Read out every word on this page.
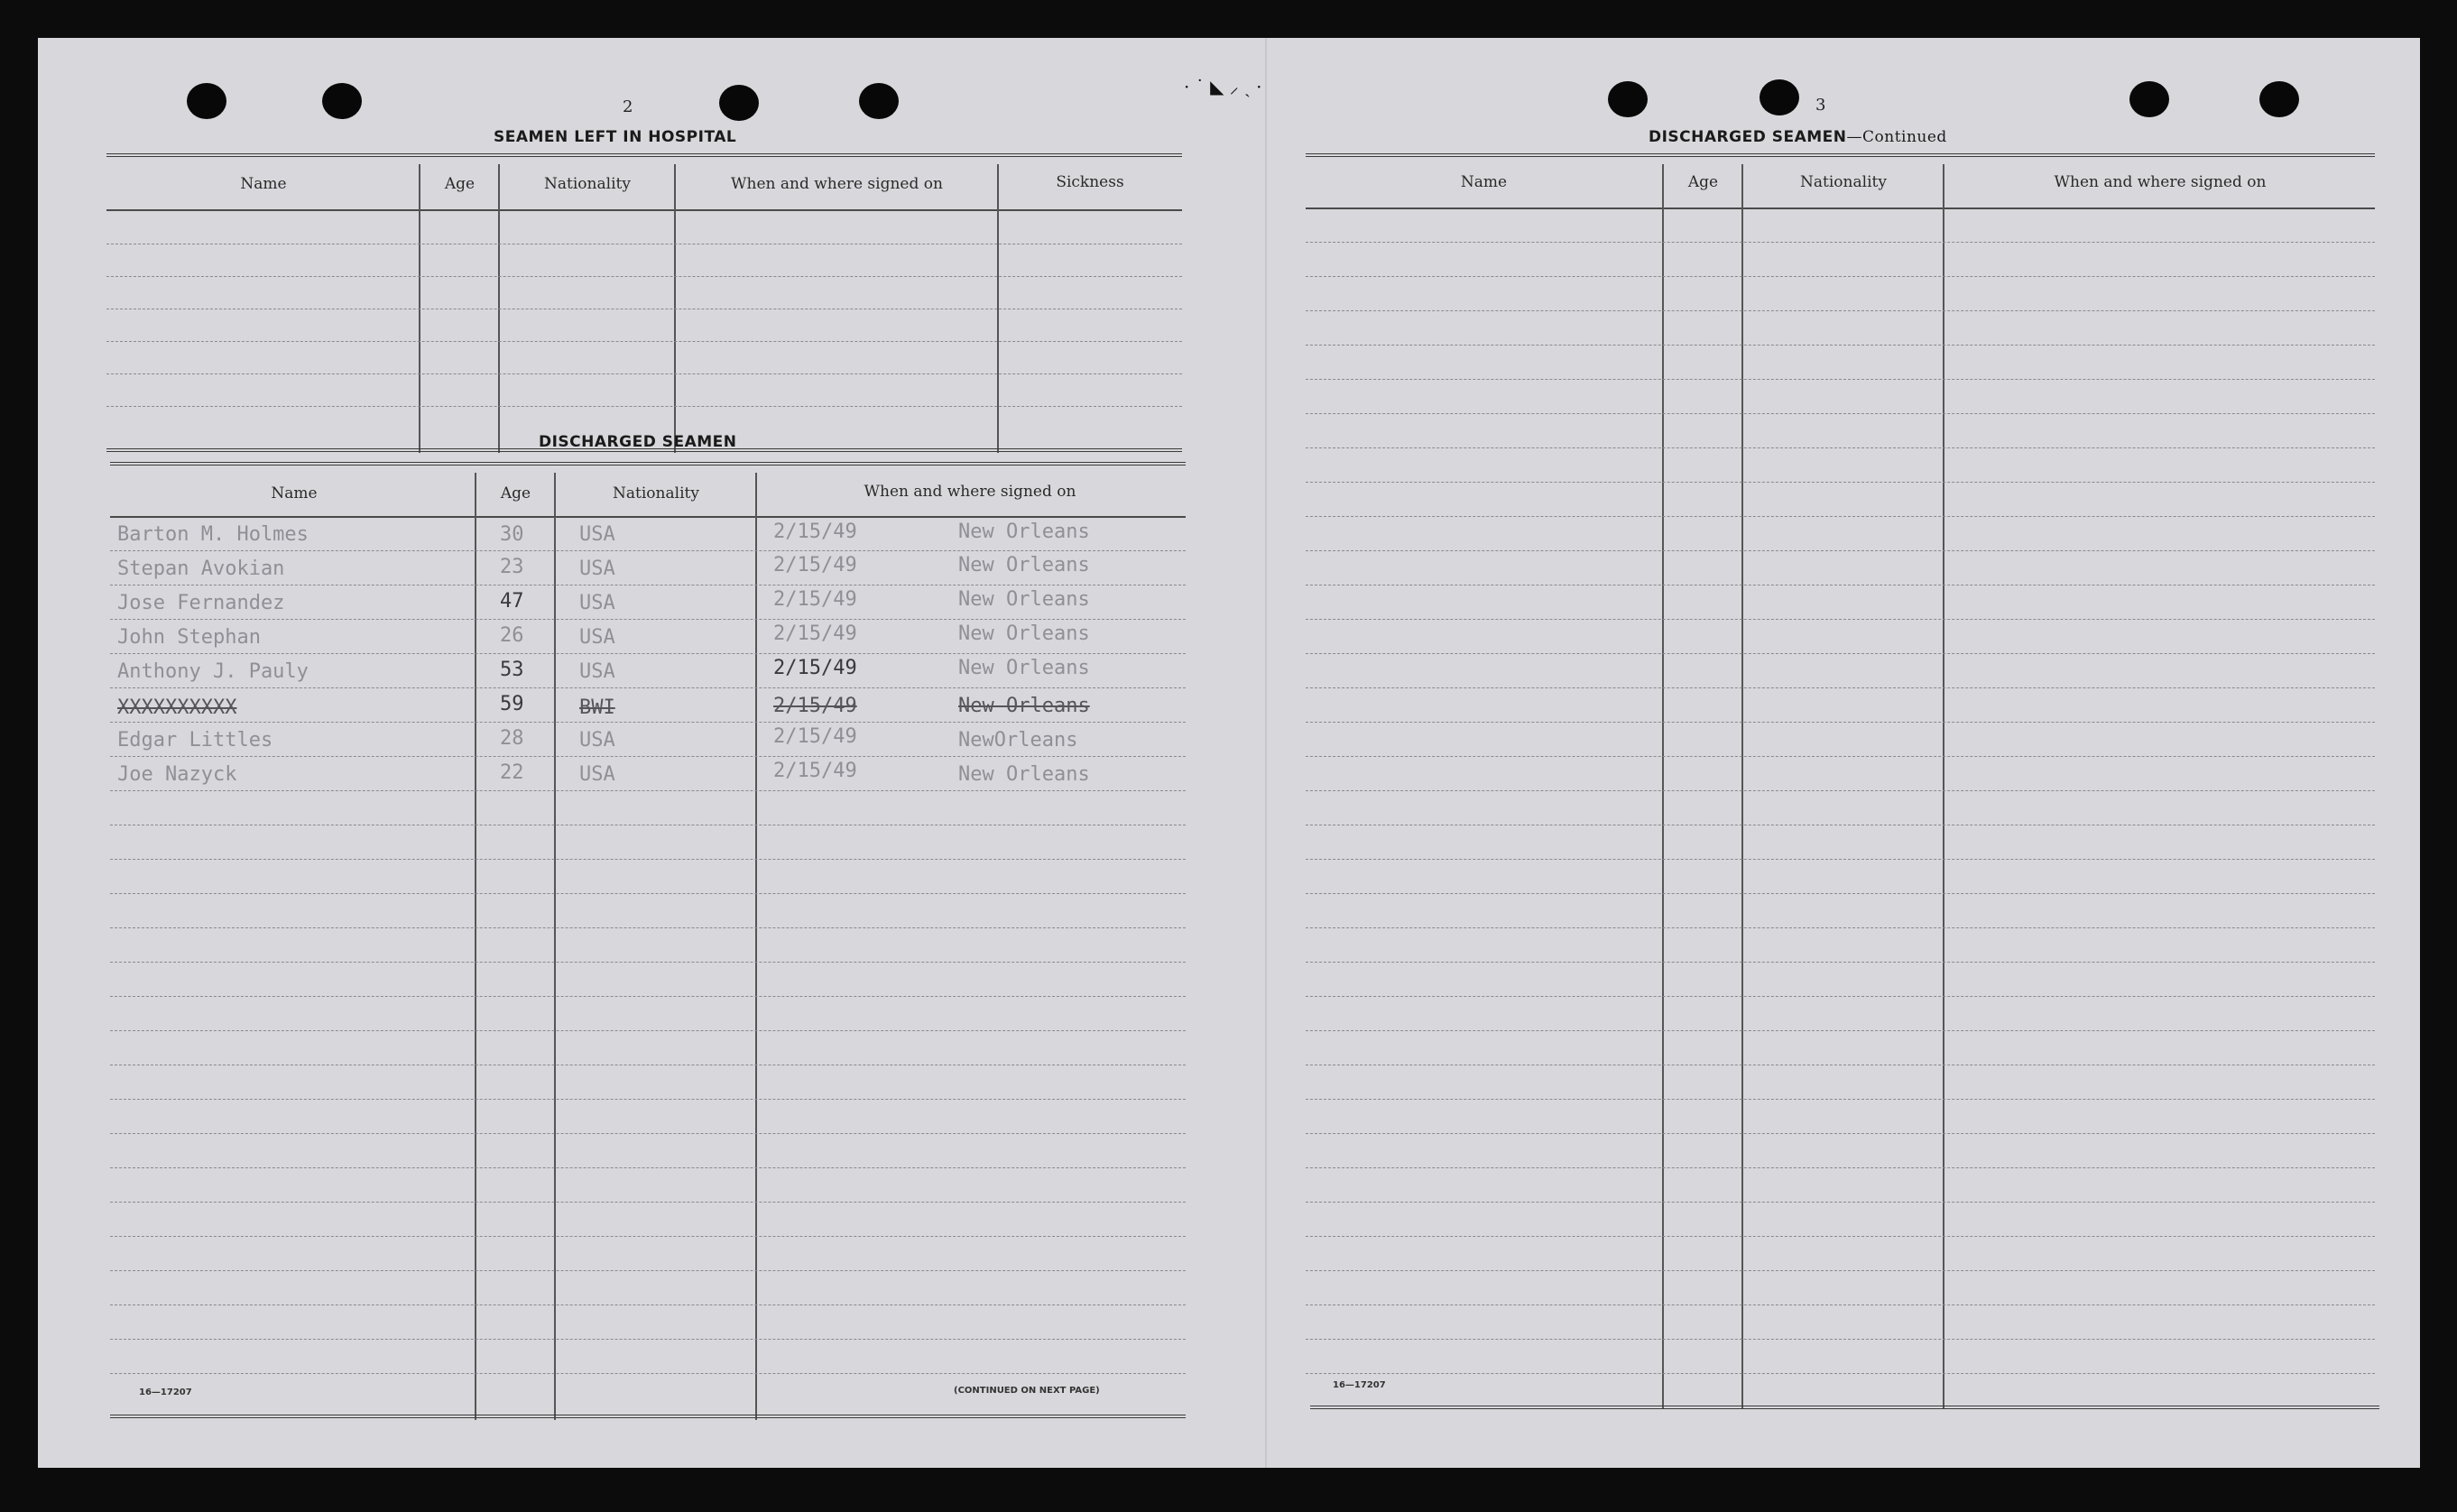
· ˙ ◣ ⸝ ˏ ·
2
SEAMEN LEFT IN HOSPITAL
Name	Age	Nationality	When and where signed on	Sickness
DISCHARGED SEAMEN
Name	Age	Nationality	When and where signed on
Barton M. Holmes	30	USA	2/15/49	New Orleans
Stepan Avokian	23	USA	2/15/49	New Orleans
Jose Fernandez	47	USA	2/15/49	New Orleans
John Stephan	26	USA	2/15/49	New Orleans
Anthony J. Pauly	53	USA	2/15/49	New Orleans
XXXXXXXXXX	59	BWI	2/15/49	New Orleans
Edgar Littles	28	USA	2/15/49	NewOrleans
Joe Nazyck	22	USA	2/15/49	New Orleans
16—17207	(CONTINUED ON NEXT PAGE)
3
DISCHARGED SEAMEN—Continued
Name	Age	Nationality	When and where signed on
16—17207
